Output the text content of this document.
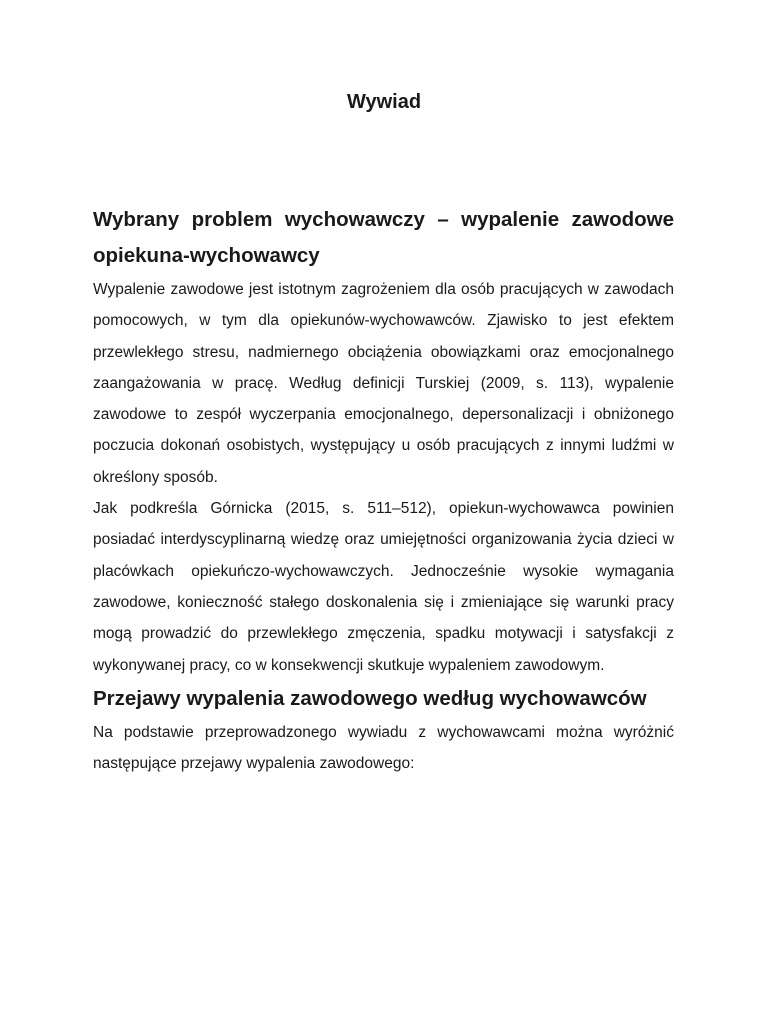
Wywiad
Wybrany problem wychowawczy – wypalenie zawodowe opiekuna-wychowawcy

Wypalenie zawodowe jest istotnym zagrożeniem dla osób pracujących w zawodach pomocowych, w tym dla opiekunów-wychowawców. Zjawisko to jest efektem przewlekłego stresu, nadmiernego obciążenia obowiązkami oraz emocjonalnego zaangażowania w pracę. Według definicji Turskiej (2009, s. 113), wypalenie zawodowe to zespół wyczerpania emocjonalnego, depersonalizacji i obniżonego poczucia dokonań osobistych, występujący u osób pracujących z innymi ludźmi w określony sposób.

Jak podkreśla Górnicka (2015, s. 511–512), opiekun-wychowawca powinien posiadać interdyscyplinarną wiedzę oraz umiejętności organizowania życia dzieci w placówkach opiekuńczo-wychowawczych. Jednocześnie wysokie wymagania zawodowe, konieczność stałego doskonalenia się i zmieniające się warunki pracy mogą prowadzić do przewlekłego zmęczenia, spadku motywacji i satysfakcji z wykonywanej pracy, co w konsekwencji skutkuje wypaleniem zawodowym.

Przejawy wypalenia zawodowego według wychowawców

Na podstawie przeprowadzonego wywiadu z wychowawcami można wyróżnić następujące przejawy wypalenia zawodowego:
